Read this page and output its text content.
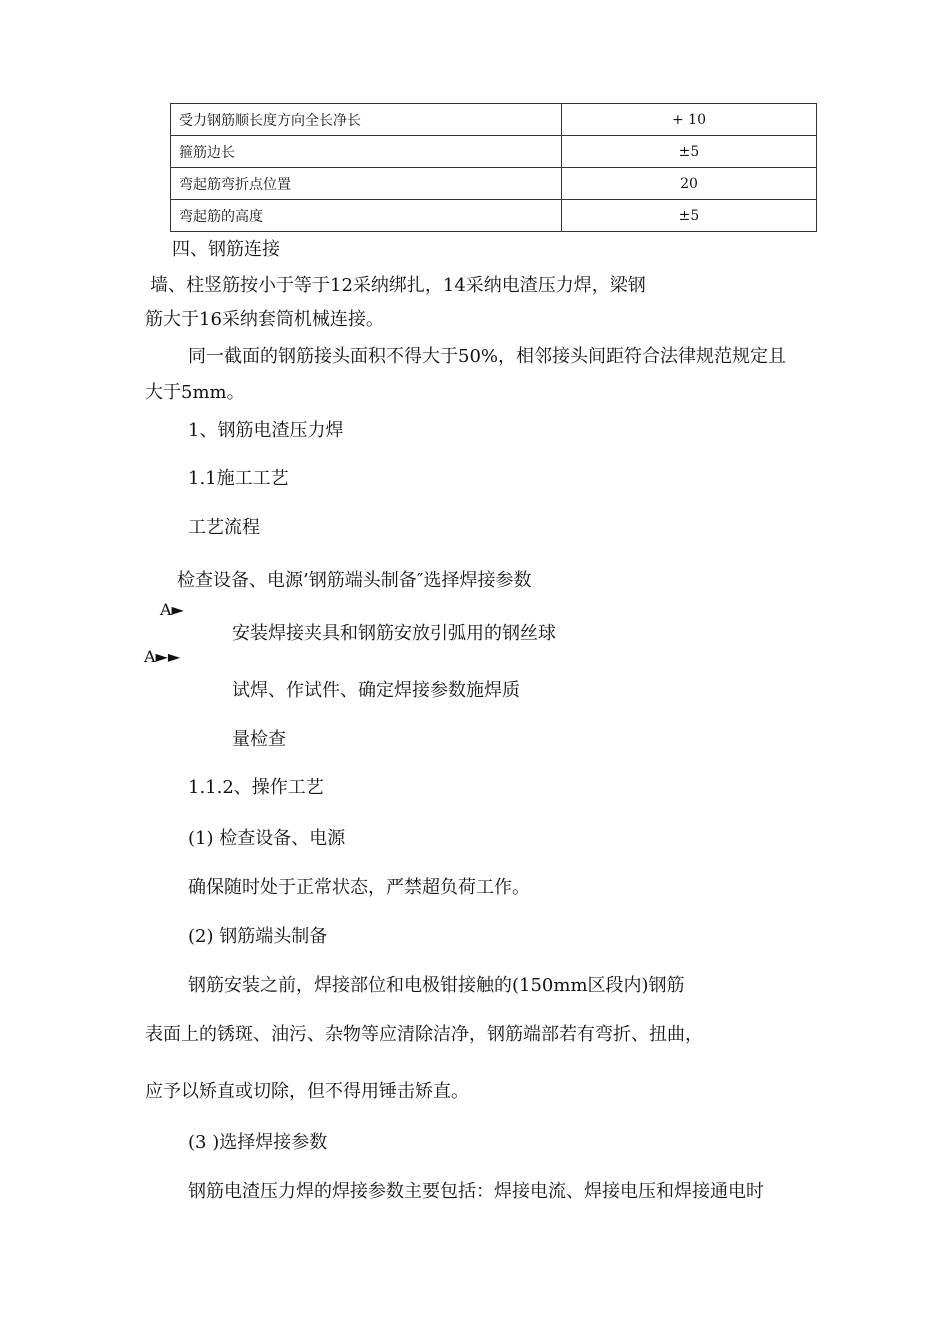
受力钢筋顺长度方向全长净长	+ 10
箍筋边长	±5
弯起筋弯折点位置	20
弯起筋的高度	±5
四、钢筋连接
墙、柱竖筋按小于等于12采纳绑扎，14采纳电渣压力焊，梁钢
筋大于16采纳套筒机械连接。
同一截面的钢筋接头面积不得大于50%，相邻接头间距符合法律规范规定且
大于5mm。
1、钢筋电渣压力焊
1.1施工工艺
工艺流程
检查设备、电源’钢筋端头制备″选择焊接参数
A►
安装焊接夹具和钢筋安放引弧用的钢丝球
A►►
试焊、作试件、确定焊接参数施焊质
量检查
1.1.2、操作工艺
(1) 检查设备、电源
确保随时处于正常状态，严禁超负荷工作。
(2) 钢筋端头制备
钢筋安装之前，焊接部位和电极钳接触的(150mm区段内)钢筋
表面上的锈斑、油污、杂物等应清除洁净，钢筋端部若有弯折、扭曲，
应予以矫直或切除，但不得用锤击矫直。
(3 )选择焊接参数
钢筋电渣压力焊的焊接参数主要包括：焊接电流、焊接电压和焊接通电时
